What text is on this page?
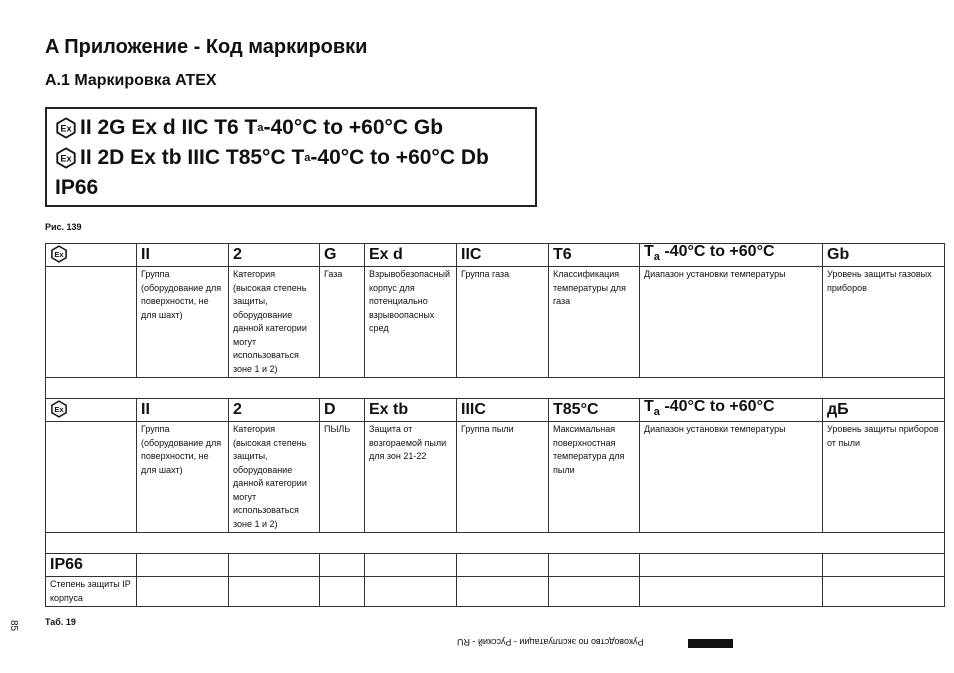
A Приложение - Код маркировки
A.1 Маркировка ATEX
II 2G Ex d IIC T6 T a -40°C to +60°C Gb
II 2D Ex tb IIIC T85°C T a -40°C to +60°C Db
IP66
Рис. 139
	II	2	G	Ex d	IIC	T6	$T_a$ -40°C to +60°C	Gb
	Группа (оборудование для поверхности, не для шахт)	Категория (высокая степень защиты, оборудование данной категории могут использоваться зоне 1 и 2)	Газа	Взрывобезопасный корпус для потенциально взрывоопасных сред	Группа газа	Классификация температуры для газа	Диапазон установки температуры	Уровень защиты газовых приборов

	II	2	D	Ex tb	IIIC	T85°C	$T_a$ -40°C to +60°C	дБ
	Группа (оборудование для поверхности, не для шахт)	Категория (высокая степень защиты, оборудование данной категории могут использоваться зоне 1 и 2)	ПЫЛЬ	Защита от возгораемой пыли для зон 21-22	Группа пыли	Максимальная поверхностная температура для пыли	Диапазон установки температуры	Уровень защиты приборов от пыли

IP66								
Степень защиты IP корпуса								
Таб. 19
85
Руководство по эксплуатации - Русский - RU
